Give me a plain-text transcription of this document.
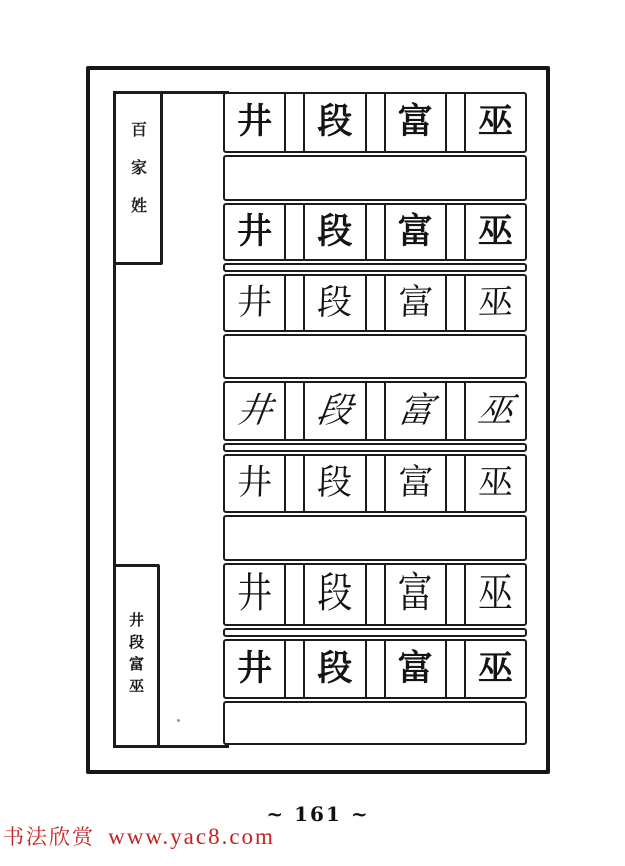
百家姓
井段富巫
井	段	富	巫
井	段	富	巫
井	段	富	巫
井	段	富	巫
井	段	富	巫
井	段	富	巫
井	段	富	巫
~ 161 ~
书法欣赏 www.yac8.com
